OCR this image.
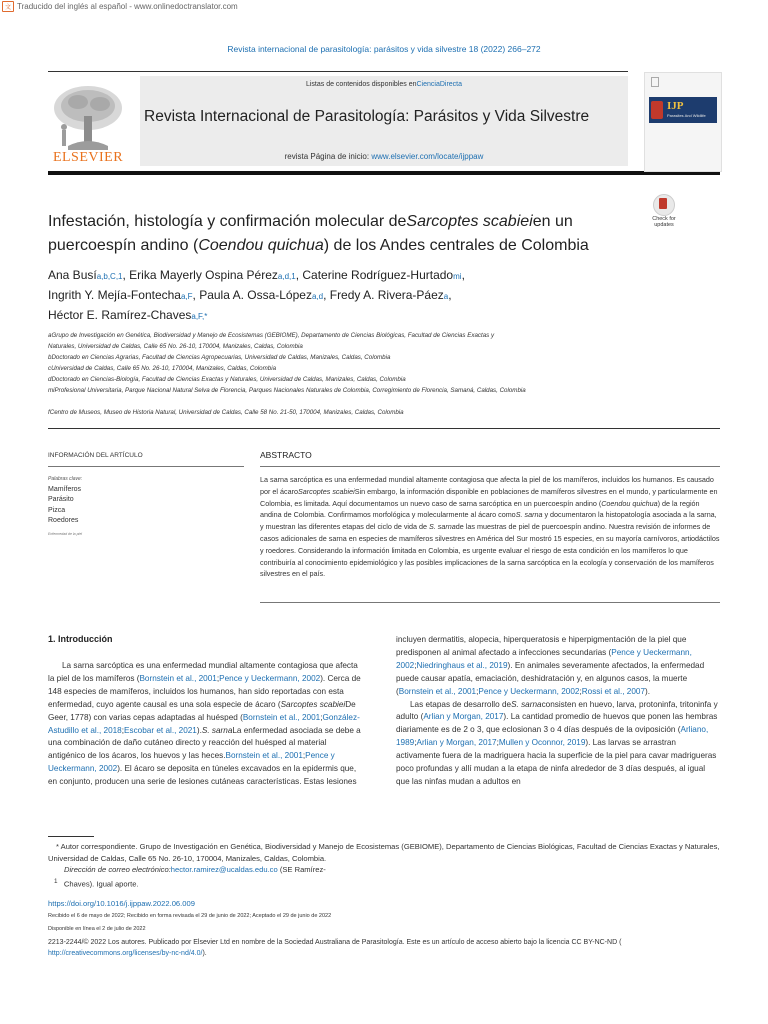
文 Traducido del inglés al español - www.onlinedoctranslator.com
Revista internacional de parasitología: parásitos y vida silvestre 18 (2022) 266–272
ELSEVIER
Listas de contenidos disponibles enCienciaDirecta
Revista Internacional de Parasitología: Parásitos y Vida Silvestre
revista Página de inicio: www.elsevier.com/locate/ijppaw
IJP
Parasites And Wildlife
Infestación, histología y confirmación molecular deSarcoptes scabieien un puercoespín andino (Coendou quichua) de los Andes centrales de Colombia
Check for updates
Ana Busía,b,C,1, Erika Mayerly Ospina Péreza,d,1, Caterine Rodríguez-Hurtadomi,
Ingrith Y. Mejía-Fontechaa,F, Paula A. Ossa-Lópeza,d, Fredy A. Rivera-Páeza,
Héctor E. Ramírez-Chavesa,F,*
aGrupo de Investigación en Genética, Biodiversidad y Manejo de Ecosistemas (GEBIOME), Departamento de Ciencias Biológicas, Facultad de Ciencias Exactas y
Naturales, Universidad de Caldas, Calle 65 No. 26-10, 170004, Manizales, Caldas, Colombia
bDoctorado en Ciencias Agrarias, Facultad de Ciencias Agropecuarias, Universidad de Caldas, Manizales, Caldas, Colombia
cUniversidad de Caldas, Calle 65 No. 26-10, 170004, Manizales, Caldas, Colombia
dDoctorado en Ciencias-Biología, Facultad de Ciencias Exactas y Naturales, Universidad de Caldas, Manizales, Caldas, Colombia
miProfesional Universitaria, Parque Nacional Natural Selva de Florencia, Parques Nacionales Naturales de Colombia, Corregimiento de Florencia, Samaná, Caldas, Colombia

fCentro de Museos, Museo de Historia Natural, Universidad de Caldas, Calle 58 No. 21-50, 170004, Manizales, Caldas, Colombia
INFORMACIÓN DEL ARTÍCULO	ABSTRACTO
Palabras clave:
Mamíferos
Parásito
Pizca
Roedores
Enfermedad de la piel
La sarna sarcóptica es una enfermedad mundial altamente contagiosa que afecta la piel de los mamíferos, incluidos los humanos. Es causado por el ácaroSarcoptes scabieiSin embargo, la información disponible en poblaciones de mamíferos silvestres en el mundo, y particularmente en Colombia, es limitada. Aquí documentamos un nuevo caso de sarna sarcóptica en un puercoespín andino (Coendou quichua) de la región andina de Colombia. Confirmamos morfológica y molecularmente al ácaro comoS. sarna y documentaron la histopatología asociada a la sarna, y muestran las diferentes etapas del ciclo de vida de S. sarnade las muestras de piel de puercoespín andino. Nuestra revisión de informes de casos adicionales de sarna en especies de mamíferos silvestres en América del Sur mostró 15 especies, en su mayoría carnívoros, artiodáctilos y roedores. Considerando la información limitada en Colombia, es urgente evaluar el riesgo de esta condición en los mamíferos lo que contribuiría al conocimiento epidemiológico y las posibles implicaciones de la sarna sarcóptica en la ecología y conservación de los mamíferos silvestres en el país.
1. Introducción
La sarna sarcóptica es una enfermedad mundial altamente contagiosa que afecta la piel de los mamíferos (Bornstein et al., 2001;Pence y Ueckermann, 2002). Cerca de 148 especies de mamíferos, incluidos los humanos, han sido reportadas con esta enfermedad, cuyo agente causal es una sola especie de ácaro (Sarcoptes scabieiDe Geer, 1778) con varias cepas adaptadas al huésped (Bornstein et al., 2001;González-Astudillo et al., 2018;Escobar et al., 2021).S. sarnaLa enfermedad asociada se debe a una combinación de daño cutáneo directo y reacción del huésped al material antigénico de los ácaros, los huevos y las heces.Bornstein et al., 2001;Pence y Ueckermann, 2002). El ácaro se deposita en túneles excavados en la epidermis que, en conjunto, producen una serie de lesiones cutáneas características. Estas lesiones
incluyen dermatitis, alopecia, hiperqueratosis e hiperpigmentación de la piel que predisponen al animal afectado a infecciones secundarias (Pence y Ueckermann, 2002;Niedringhaus et al., 2019). En animales severamente afectados, la enfermedad puede causar apatía, emaciación, deshidratación y, en algunos casos, la muerte (Bornstein et al., 2001;Pence y Ueckermann, 2002;Rossi et al., 2007).
Las etapas de desarrollo deS. sarnaconsisten en huevo, larva, protoninfa, tritoninfa y adulto (Arlian y Morgan, 2017). La cantidad promedio de huevos que ponen las hembras diariamente es de 2 o 3, que eclosionan 3 o 4 días después de la oviposición (Arliano, 1989;Arlian y Morgan, 2017;Mullen y Oconnor, 2019). Las larvas se arrastran activamente fuera de la madriguera hacia la superficie de la piel para cavar madrigueras poco profundas y allí mudan a la etapa de ninfa alrededor de 3 días después, al igual que las ninfas mudan a adultos en
* Autor correspondiente. Grupo de Investigación en Genética, Biodiversidad y Manejo de Ecosistemas (GEBIOME), Departamento de Ciencias Biológicas, Facultad de Ciencias Exactas y Naturales, Universidad de Caldas, Calle 65 No. 26-10, 170004, Manizales, Caldas, Colombia.
Dirección de correo electrónico:hector.ramirez@ucaldas.edu.co (SE Ramírez-
$^1$ Chaves). Igual aporte.
https://doi.org/10.1016/j.ijppaw.2022.06.009
Recibido el 6 de mayo de 2022; Recibido en forma revisada el 29 de junio de 2022; Aceptado el 29 de junio de 2022
Disponible en línea el 2 de julio de 2022
2213-2244/© 2022 Los autores. Publicado por Elsevier Ltd en nombre de la Sociedad Australiana de Parasitología. Este es un artículo de acceso abierto bajo la licencia CC BY-NC-ND (
http://creativecommons.org/licenses/by-nc-nd/4.0/).
